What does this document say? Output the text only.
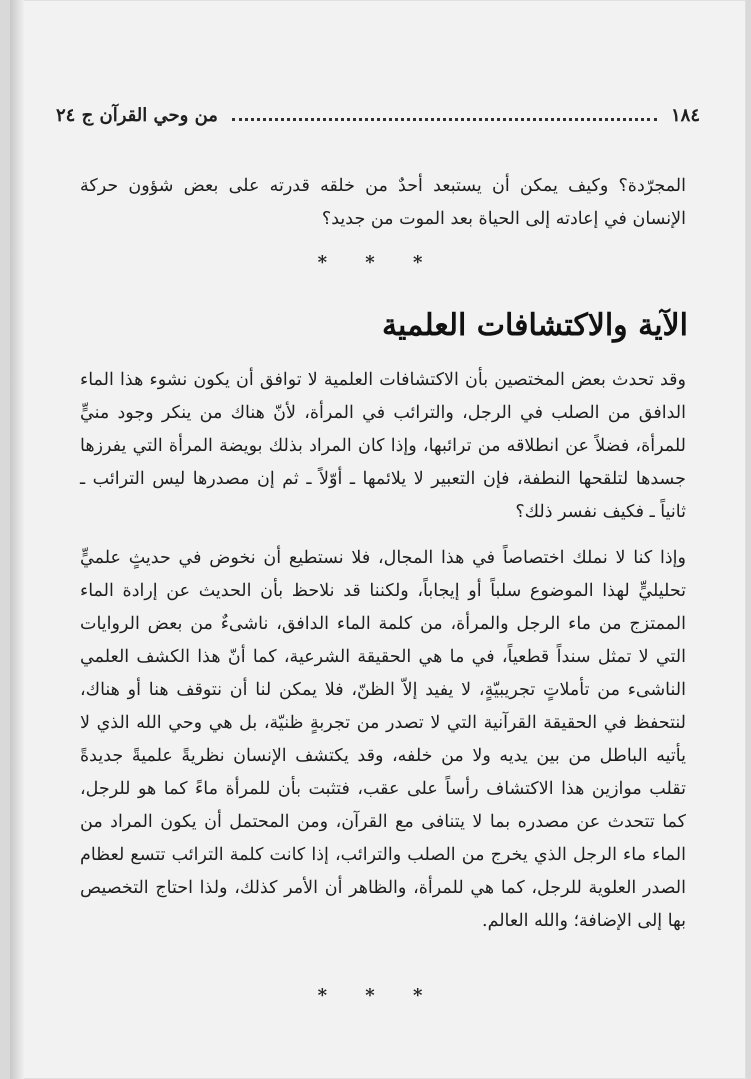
١٨٤
من وحي القرآن ج ٢٤

المجرّدة؟ وكيف يمكن أن يستبعد أحدٌ من خلقه قدرته على بعض شؤون حركة الإنسان في إعادته إلى الحياة بعد الموت من جديد؟

* * *
الآية والاكتشافات العلمية

وقد تحدث بعض المختصين بأن الاكتشافات العلمية لا توافق أن يكون نشوء هذا الماء الدافق من الصلب في الرجل، والترائب في المرأة، لأنّ هناك من ينكر وجود منيٍّ للمرأة، فضلاً عن انطلاقه من ترائبها، وإذا كان المراد بذلك بويضة المرأة التي يفرزها جسدها لتلقحها النطفة، فإن التعبير لا يلائمها ـ أوّلاً ـ ثم إن مصدرها ليس الترائب ـ ثانياً ـ فكيف نفسر ذلك؟

وإذا كنا لا نملك اختصاصاً في هذا المجال، فلا نستطيع أن نخوض في حديثٍ علميٍّ تحليليٍّ لهذا الموضوع سلباً أو إيجاباً، ولكننا قد نلاحظ بأن الحديث عن إرادة الماء الممتزج من ماء الرجل والمرأة، من كلمة الماء الدافق، ناشىءٌ من بعض الروايات التي لا تمثل سنداً قطعياً، في ما هي الحقيقة الشرعية، كما أنّ هذا الكشف العلمي الناشىء من تأملاتٍ تجريبيّةٍ، لا يفيد إلاّ الظنّ، فلا يمكن لنا أن نتوقف هنا أو هناك، لنتحفظ في الحقيقة القرآنية التي لا تصدر من تجربةٍ ظنيّة، بل هي وحي الله الذي لا يأتيه الباطل من بين يديه ولا من خلفه، وقد يكتشف الإنسان نظريةً علميةً جديدةً تقلب موازين هذا الاكتشاف رأساً على عقب، فتثبت بأن للمرأة ماءً كما هو للرجل، كما تتحدث عن مصدره بما لا يتنافى مع القرآن، ومن المحتمل أن يكون المراد من الماء ماء الرجل الذي يخرج من الصلب والترائب، إذا كانت كلمة الترائب تتسع لعظام الصدر العلوية للرجل، كما هي للمرأة، والظاهر أن الأمر كذلك، ولذا احتاج التخصيص بها إلى الإضافة؛ والله العالم.

* * *
